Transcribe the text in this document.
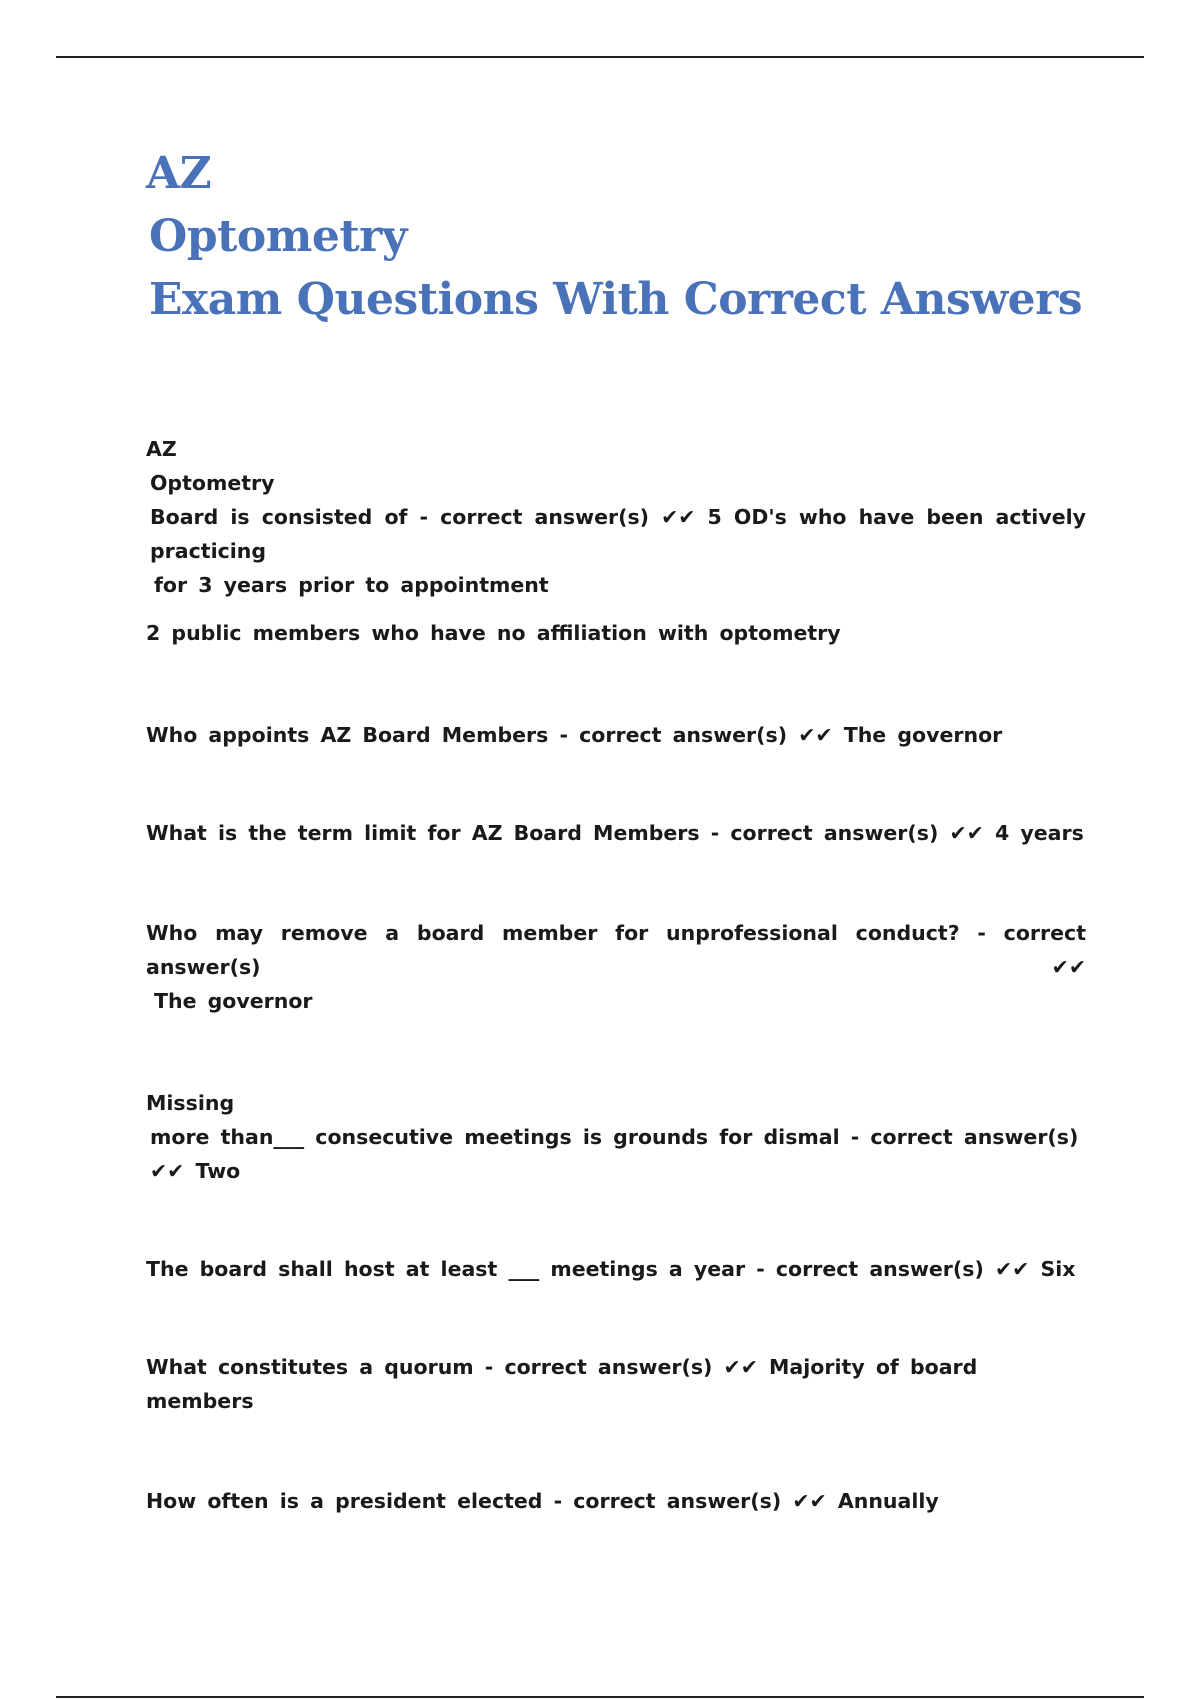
AZ
Optometry
Exam Questions With Correct Answers

AZ

Optometry

Board is consisted of - correct answer(s) ✔✔ 5 OD's who have been actively practicing

for 3 years prior to appointment

2 public members who have no affiliation with optometry

Who appoints AZ Board Members - correct answer(s) ✔✔ The governor

What is the term limit for AZ Board Members - correct answer(s) ✔✔ 4 years

Who may remove a board member for unprofessional conduct? - correct answer(s) ✔✔

The governor

Missing

more than___ consecutive meetings is grounds for dismal - correct answer(s) ✔✔ Two

The board shall host at least ___ meetings a year - correct answer(s) ✔✔ Six

What constitutes a quorum - correct answer(s) ✔✔ Majority of board members

How often is a president elected - correct answer(s) ✔✔ Annually
